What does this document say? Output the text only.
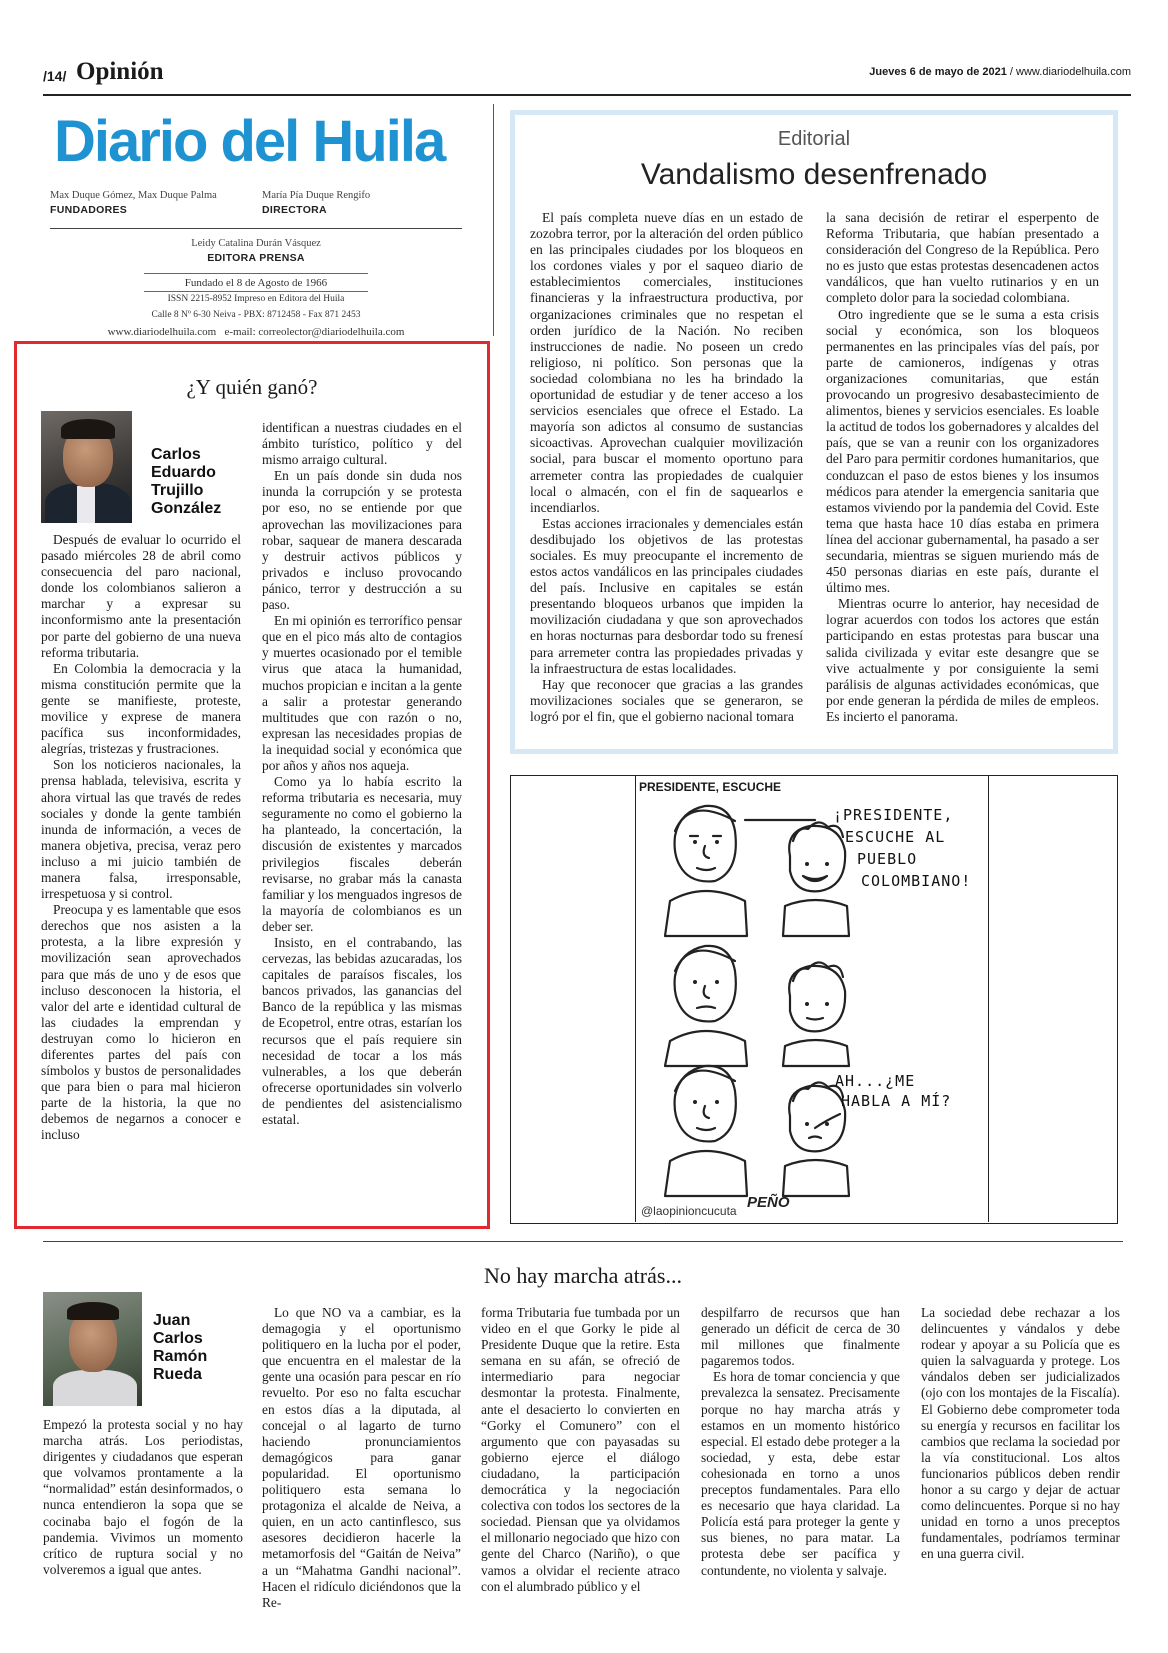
/14/ Opinión	Jueves 6 de mayo de 2021 / www.diariodelhuila.com
Diario del Huila
Max Duque Gómez, Max Duque Palma
FUNDADORES
María Pía Duque Rengifo
DIRECTORA
Leidy Catalina Durán Vásquez
EDITORA PRENSA
Fundado el 8 de Agosto de 1966
ISSN 2215-8952 Impreso en Editora del Huila
Calle 8 Nº 6-30 Neiva - PBX: 8712458 - Fax 871 2453
www.diariodelhuila.com   e-mail: correolector@diariodelhuila.com
¿Y quién ganó?
Carlos
Eduardo
Trujillo
González

Después de evaluar lo ocurrido el pasado miércoles 28 de abril como consecuencia del paro nacional, donde los colombianos salieron a marchar y a expresar su inconformismo ante la presentación por parte del gobierno de una nueva reforma tributaria.

En Colombia la democracia y la misma constitución permite que la gente se manifieste, proteste, movilice y exprese de manera pacífica sus inconformidades, alegrías, tristezas y frustraciones.

Son los noticieros nacionales, la prensa hablada, televisiva, escrita y ahora virtual las que través de redes sociales y donde la gente también inunda de información, a veces de manera objetiva, precisa, veraz pero incluso a mi juicio también de manera falsa, irresponsable, irrespetuosa y si control.

Preocupa y es lamentable que esos derechos que nos asisten a la protesta, a la libre expresión y movilización sean aprovechados para que más de uno y de esos que incluso desconocen la historia, el valor del arte e identidad cultural de las ciudades la emprendan y destruyan como lo hicieron en diferentes partes del país con símbolos y bustos de personalidades que para bien o para mal hicieron parte de la historia, la que no debemos de negarnos a conocer e incluso

identifican a nuestras ciudades en el ámbito turístico, político y del mismo arraigo cultural.

En un país donde sin duda nos inunda la corrupción y se protesta por eso, no se entiende por que aprovechan las movilizaciones para robar, saquear de manera descarada y destruir activos públicos y privados e incluso provocando pánico, terror y destrucción a su paso.

En mi opinión es terrorífico pensar que en el pico más alto de contagios y muertes ocasionado por el temible virus que ataca la humanidad, muchos propician e incitan a la gente a salir a protestar generando multitudes que con razón o no, expresan las necesidades propias de la inequidad social y económica que por años y años nos aqueja.

Como ya lo había escrito la reforma tributaria es necesaria, muy seguramente no como el gobierno la ha planteado, la concertación, la discusión de existentes y marcados privilegios fiscales deberán revisarse, no grabar más la canasta familiar y los menguados ingresos de la mayoría de colombianos es un deber ser.

Insisto, en el contrabando, las cervezas, las bebidas azucaradas, los capitales de paraísos fiscales, los bancos privados, las ganancias del Banco de la república y las mismas de Ecopetrol, entre otras, estarían los recursos que el país requiere sin necesidad de tocar a los más vulnerables, a los que deberán ofrecerse oportunidades sin volverlo de pendientes del asistencialismo estatal.

Editorial
Vandalismo desenfrenado

El país completa nueve días en un estado de zozobra terror, por la alteración del orden público en las principales ciudades por los bloqueos en los cordones viales y por el saqueo diario de establecimientos comerciales, instituciones financieras y la infraestructura productiva, por organizaciones criminales que no respetan el orden jurídico de la Nación. No reciben instrucciones de nadie. No poseen un credo religioso, ni político. Son personas que la sociedad colombiana no les ha brindado la oportunidad de estudiar y de tener acceso a los servicios esenciales que ofrece el Estado. La mayoría son adictos al consumo de sustancias sicoactivas. Aprovechan cualquier movilización social, para buscar el momento oportuno para arremeter contra las propiedades de cualquier local o almacén, con el fin de saquearlos e incendiarlos.

Estas acciones irracionales y demenciales están desdibujado los objetivos de las protestas sociales. Es muy preocupante el incremento de estos actos vandálicos en las principales ciudades del país. Inclusive en capitales se están presentando bloqueos urbanos que impiden la movilización ciudadana y que son aprovechados en horas nocturnas para desbordar todo su frenesí para arremeter contra las propiedades privadas y la infraestructura de estas localidades.

Hay que reconocer que gracias a las grandes movilizaciones sociales que se generaron, se logró por el fin, que el gobierno nacional tomara

la sana decisión de retirar el esperpento de Reforma Tributaria, que habían presentado a consideración del Congreso de la República. Pero no es justo que estas protestas desencadenen actos vandálicos, que han vuelto rutinarios y en un completo dolor para la sociedad colombiana.

Otro ingrediente que se le suma a esta crisis social y económica, son los bloqueos permanentes en las principales vías del país, por parte de camioneros, indígenas y otras organizaciones comunitarias, que están provocando un progresivo desabastecimiento de alimentos, bienes y servicios esenciales. Es loable la actitud de todos los gobernadores y alcaldes del país, que se van a reunir con los organizadores del Paro para permitir cordones humanitarios, que conduzcan el paso de estos bienes y los insumos médicos para atender la emergencia sanitaria que estamos viviendo por la pandemia del Covid. Este tema que hasta hace 10 días estaba en primera línea del accionar gubernamental, ha pasado a ser secundaria, mientras se siguen muriendo más de 450 personas diarias en este país, durante el último mes.

Mientras ocurre lo anterior, hay necesidad de lograr acuerdos con todos los actores que están participando en estas protestas para buscar una salida civilizada y evitar este desangre que se vive actualmente y por consiguiente la semi parálisis de algunas actividades económicas, que por ende generan la pérdida de miles de empleos. Es incierto el panorama.

PRESIDENTE, ESCUCHE
¡PRESIDENTE,
ESCUCHE AL
PUEBLO
COLOMBIANO!
AH...¿ME
HABLA A MÍ?
@laopinioncucuta PEÑO
No hay marcha atrás...
Juan
Carlos
Ramón
Rueda

Empezó la protesta social y no hay marcha atrás. Los periodistas, dirigentes y ciudadanos que esperan que volvamos prontamente a la “normalidad” están desinformados, o nunca entendieron la sopa que se cocinaba bajo el fogón de la pandemia. Vivimos un momento crítico de ruptura social y no volveremos a igual que antes.

Lo que NO va a cambiar, es la demagogia y el oportunismo politiquero en la lucha por el poder, que encuentra en el malestar de la gente una ocasión para pescar en río revuelto. Por eso no falta escuchar en estos días a la diputada, al concejal o al lagarto de turno haciendo pronunciamientos demagógicos para ganar popularidad. El oportunismo politiquero esta semana lo protagoniza el alcalde de Neiva, a quien, en un acto cantinflesco, sus asesores decidieron hacerle la metamorfosis del “Gaitán de Neiva” a un “Mahatma Gandhi nacional”. Hacen el ridículo diciéndonos que la Re-

forma Tributaria fue tumbada por un video en el que Gorky le pide al Presidente Duque que la retire. Esta semana en su afán, se ofreció de intermediario para negociar desmontar la protesta. Finalmente, ante el desacierto lo convierten en “Gorky el Comunero” con el argumento que con payasadas su gobierno ejerce el diálogo ciudadano, la participación democrática y la negociación colectiva con todos los sectores de la sociedad. Piensan que ya olvidamos el millonario negociado que hizo con gente del Charco (Nariño), o que vamos a olvidar el reciente atraco con el alumbrado público y el

despilfarro de recursos que han generado un déficit de cerca de 30 mil millones que finalmente pagaremos todos.

Es hora de tomar conciencia y que prevalezca la sensatez. Precisamente porque no hay marcha atrás y estamos en un momento histórico especial. El estado debe proteger a la sociedad, y esta, debe estar cohesionada en torno a unos preceptos fundamentales. Para ello es necesario que haya claridad. La Policía está para proteger la gente y sus bienes, no para matar. La protesta debe ser pacífica y contundente, no violenta y salvaje.

La sociedad debe rechazar a los delincuentes y vándalos y debe rodear y apoyar a su Policía que es quien la salvaguarda y protege. Los vándalos deben ser judicializados (ojo con los montajes de la Fiscalía). El Gobierno debe comprometer toda su energía y recursos en facilitar los cambios que reclama la sociedad por la vía constitucional. Los altos funcionarios públicos deben rendir honor a su cargo y dejar de actuar como delincuentes. Porque si no hay unidad en torno a unos preceptos fundamentales, podríamos terminar en una guerra civil.
